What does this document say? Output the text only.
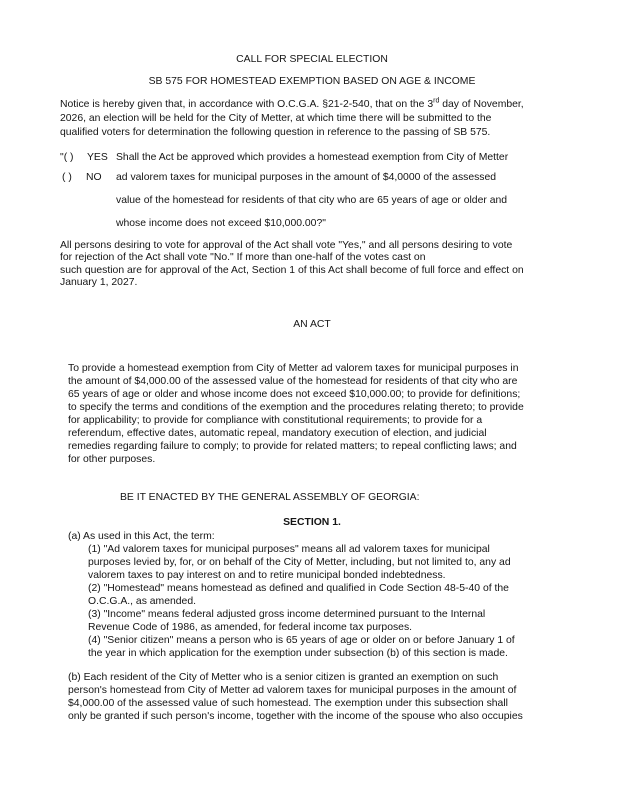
CALL FOR SPECIAL ELECTION
SB 575 FOR HOMESTEAD EXEMPTION BASED ON AGE & INCOME
Notice is hereby given that, in accordance with O.C.G.A. §21-2-540, that on the 3rd day of November,
2026, an election will be held for the City of Metter, at which time there will be submitted to the
qualified voters for determination the following question in reference to the passing of SB 575.
"( ) YES Shall the Act be approved which provides a homestead exemption from City of Metter
( ) NO ad valorem taxes for municipal purposes in the amount of $4,0000 of the assessed
value of the homestead for residents of that city who are 65 years of age or older and
whose income does not exceed $10,000.00?"
All persons desiring to vote for approval of the Act shall vote "Yes," and all persons desiring to vote
for rejection of the Act shall vote "No." If more than one-half of the votes cast on
such question are for approval of the Act, Section 1 of this Act shall become of full force and effect on
January 1, 2027.
AN ACT
To provide a homestead exemption from City of Metter ad valorem taxes for municipal purposes in
the amount of $4,000.00 of the assessed value of the homestead for residents of that city who are
65 years of age or older and whose income does not exceed $10,000.00; to provide for definitions;
to specify the terms and conditions of the exemption and the procedures relating thereto; to provide
for applicability; to provide for compliance with constitutional requirements; to provide for a
referendum, effective dates, automatic repeal, mandatory execution of election, and judicial
remedies regarding failure to comply; to provide for related matters; to repeal conflicting laws; and
for other purposes.
BE IT ENACTED BY THE GENERAL ASSEMBLY OF GEORGIA:
SECTION 1.
(a) As used in this Act, the term:
(1) "Ad valorem taxes for municipal purposes" means all ad valorem taxes for municipal
purposes levied by, for, or on behalf of the City of Metter, including, but not limited to, any ad
valorem taxes to pay interest on and to retire municipal bonded indebtedness.
(2) "Homestead" means homestead as defined and qualified in Code Section 48-5-40 of the
O.C.G.A., as amended.
(3) "Income" means federal adjusted gross income determined pursuant to the Internal
Revenue Code of 1986, as amended, for federal income tax purposes.
(4) "Senior citizen" means a person who is 65 years of age or older on or before January 1 of
the year in which application for the exemption under subsection (b) of this section is made.
(b) Each resident of the City of Metter who is a senior citizen is granted an exemption on such
person's homestead from City of Metter ad valorem taxes for municipal purposes in the amount of
$4,000.00 of the assessed value of such homestead. The exemption under this subsection shall
only be granted if such person's income, together with the income of the spouse who also occupies
